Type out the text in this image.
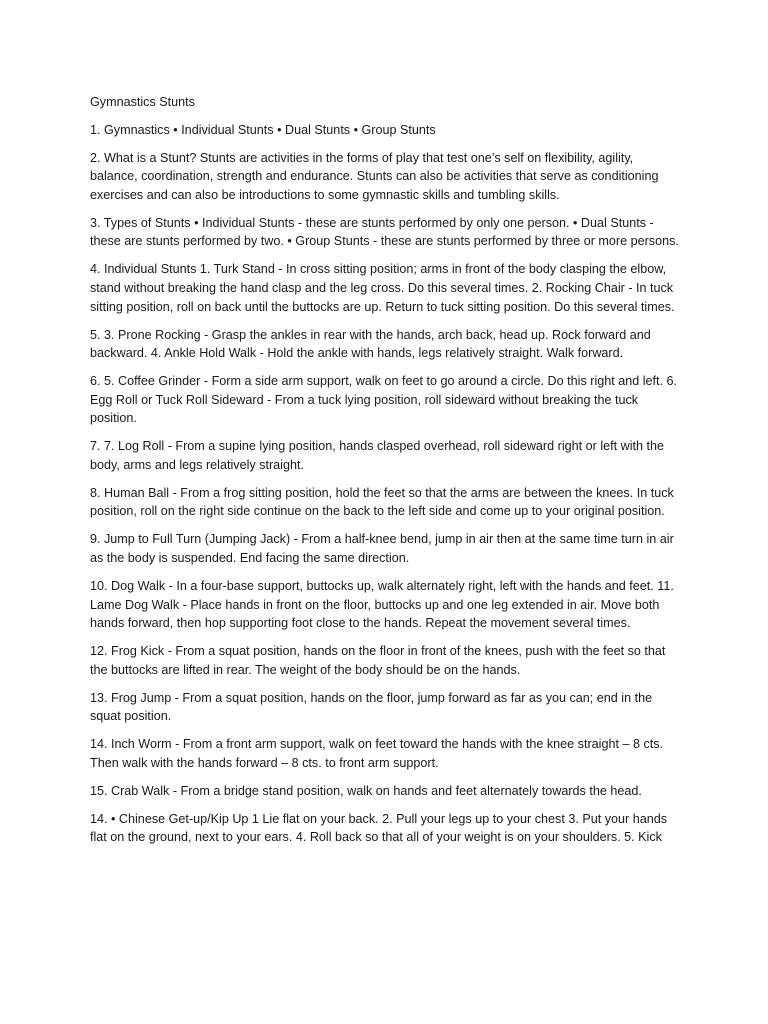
Gymnastics Stunts

1. Gymnastics • Individual Stunts • Dual Stunts • Group Stunts

2. What is a Stunt? Stunts are activities in the forms of play that test one’s self on flexibility, agility, balance, coordination, strength and endurance. Stunts can also be activities that serve as conditioning exercises and can also be introductions to some gymnastic skills and tumbling skills.

3. Types of Stunts • Individual Stunts - these are stunts performed by only one person. • Dual Stunts - these are stunts performed by two. • Group Stunts - these are stunts performed by three or more persons.

4. Individual Stunts 1. Turk Stand - In cross sitting position; arms in front of the body clasping the elbow, stand without breaking the hand clasp and the leg cross. Do this several times. 2. Rocking Chair - In tuck sitting position, roll on back until the buttocks are up. Return to tuck sitting position. Do this several times.

5. 3. Prone Rocking - Grasp the ankles in rear with the hands, arch back, head up. Rock forward and backward. 4. Ankle Hold Walk - Hold the ankle with hands, legs relatively straight. Walk forward.

6. 5. Coffee Grinder - Form a side arm support, walk on feet to go around a circle. Do this right and left. 6. Egg Roll or Tuck Roll Sideward - From a tuck lying position, roll sideward without breaking the tuck position.

7. 7. Log Roll - From a supine lying position, hands clasped overhead, roll sideward right or left with the body, arms and legs relatively straight.

8. Human Ball - From a frog sitting position, hold the feet so that the arms are between the knees. In tuck position, roll on the right side continue on the back to the left side and come up to your original position.

9. Jump to Full Turn (Jumping Jack) - From a half-knee bend, jump in air then at the same time turn in air as the body is suspended. End facing the same direction.

10. Dog Walk - In a four-base support, buttocks up, walk alternately right, left with the hands and feet. 11. Lame Dog Walk - Place hands in front on the floor, buttocks up and one leg extended in air. Move both hands forward, then hop supporting foot close to the hands. Repeat the movement several times.

12. Frog Kick - From a squat position, hands on the floor in front of the knees, push with the feet so that the buttocks are lifted in rear. The weight of the body should be on the hands.

13. Frog Jump - From a squat position, hands on the floor, jump forward as far as you can; end in the squat position.

14. Inch Worm - From a front arm support, walk on feet toward the hands with the knee straight – 8 cts. Then walk with the hands forward – 8 cts. to front arm support.

15. Crab Walk - From a bridge stand position, walk on hands and feet alternately towards the head.

14. • Chinese Get-up/Kip Up 1 Lie flat on your back. 2. Pull your legs up to your chest 3. Put your hands flat on the ground, next to your ears. 4. Roll back so that all of your weight is on your shoulders. 5. Kick
